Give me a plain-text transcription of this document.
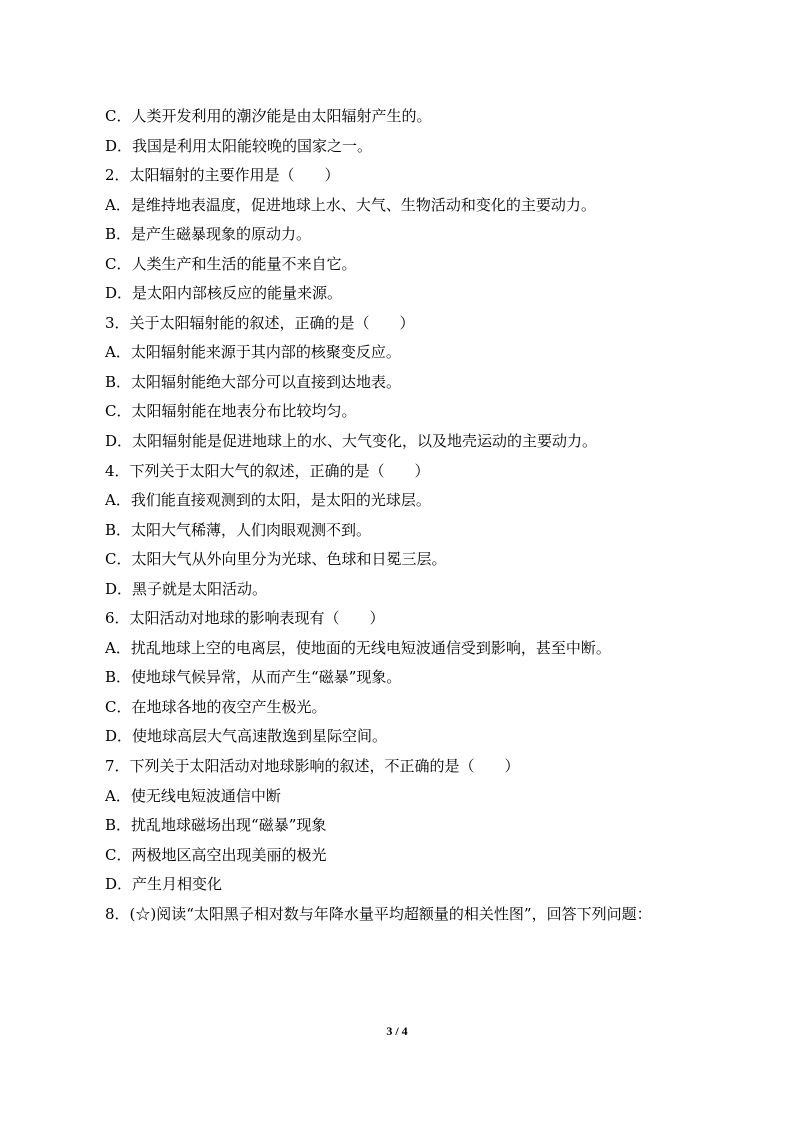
C．人类开发利用的潮汐能是由太阳辐射产生的。
D．我国是利用太阳能较晚的国家之一。
2．太阳辐射的主要作用是（　　）
A．是维持地表温度，促进地球上水、大气、生物活动和变化的主要动力。
B．是产生磁暴现象的原动力。
C．人类生产和生活的能量不来自它。
D．是太阳内部核反应的能量来源。
3．关于太阳辐射能的叙述，正确的是（　　）
A．太阳辐射能来源于其内部的核聚变反应。
B．太阳辐射能绝大部分可以直接到达地表。
C．太阳辐射能在地表分布比较均匀。
D．太阳辐射能是促进地球上的水、大气变化，以及地壳运动的主要动力。
4．下列关于太阳大气的叙述，正确的是（　　）
A．我们能直接观测到的太阳，是太阳的光球层。
B．太阳大气稀薄，人们肉眼观测不到。
C．太阳大气从外向里分为光球、色球和日冕三层。
D．黑子就是太阳活动。
6．太阳活动对地球的影响表现有（　　）
A．扰乱地球上空的电离层，使地面的无线电短波通信受到影响，甚至中断。
B．使地球气候异常，从而产生“磁暴”现象。
C．在地球各地的夜空产生极光。
D．使地球高层大气高速散逸到星际空间。
7．下列关于太阳活动对地球影响的叙述，不正确的是（　　）
A．使无线电短波通信中断
B．扰乱地球磁场出现“磁暴”现象
C．两极地区高空出现美丽的极光
D．产生月相变化
8．(☆)阅读“太阳黑子相对数与年降水量平均超额量的相关性图”，回答下列问题：
3 / 4
